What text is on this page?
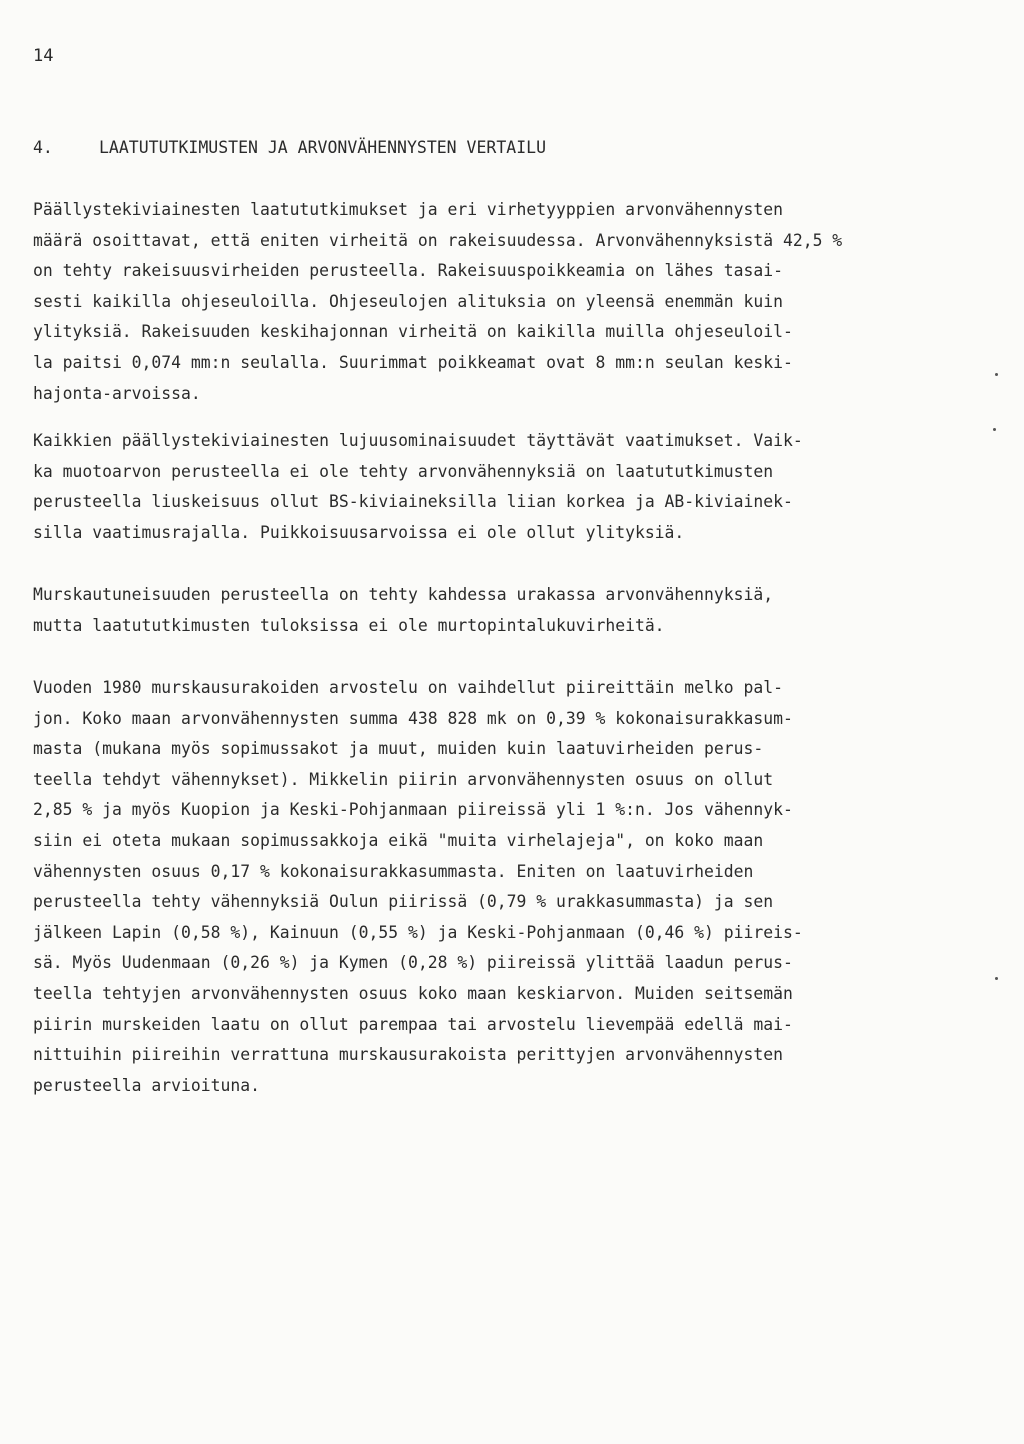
14
4.	LAATUTUTKIMUSTEN JA ARVONVÄHENNYSTEN VERTAILU
Päällystekiviainesten laatututkimukset ja eri virhetyyppien arvonvähennysten
määrä osoittavat, että eniten virheitä on rakeisuudessa. Arvonvähennyksistä 42,5 %
on tehty rakeisuusvirheiden perusteella. Rakeisuuspoikkeamia on lähes tasai-
sesti kaikilla ohjeseuloilla. Ohjeseulojen alituksia on yleensä enemmän kuin
ylityksiä. Rakeisuuden keskihajonnan virheitä on kaikilla muilla ohjeseuloil-
la paitsi 0,074 mm:n seulalla. Suurimmat poikkeamat ovat 8 mm:n seulan keski-
hajonta-arvoissa.
Kaikkien päällystekiviainesten lujuusominaisuudet täyttävät vaatimukset. Vaik-
ka muotoarvon perusteella ei ole tehty arvonvähennyksiä on laatututkimusten
perusteella liuskeisuus ollut BS-kiviaineksilla liian korkea ja AB-kiviainek-
silla vaatimusrajalla. Puikkoisuusarvoissa ei ole ollut ylityksiä.
Murskautuneisuuden perusteella on tehty kahdessa urakassa arvonvähennyksiä,
mutta laatututkimusten tuloksissa ei ole murtopintalukuvirheitä.
Vuoden 1980 murskausurakoiden arvostelu on vaihdellut piireittäin melko pal-
jon. Koko maan arvonvähennysten summa 438 828 mk on 0,39 % kokonaisurakkasum-
masta (mukana myös sopimussakot ja muut, muiden kuin laatuvirheiden perus-
teella tehdyt vähennykset). Mikkelin piirin arvonvähennysten osuus on ollut
2,85 % ja myös Kuopion ja Keski-Pohjanmaan piireissä yli 1 %:n. Jos vähennyk-
siin ei oteta mukaan sopimussakkoja eikä "muita virhelajeja", on koko maan
vähennysten osuus 0,17 % kokonaisurakkasummasta. Eniten on laatuvirheiden
perusteella tehty vähennyksiä Oulun piirissä (0,79 % urakkasummasta) ja sen
jälkeen Lapin (0,58 %), Kainuun (0,55 %) ja Keski-Pohjanmaan (0,46 %) piireis-
sä. Myös Uudenmaan (0,26 %) ja Kymen (0,28 %) piireissä ylittää laadun perus-
teella tehtyjen arvonvähennysten osuus koko maan keskiarvon. Muiden seitsemän
piirin murskeiden laatu on ollut parempaa tai arvostelu lievempää edellä mai-
nittuihin piireihin verrattuna murskausurakoista perittyjen arvonvähennysten
perusteella arvioituna.
